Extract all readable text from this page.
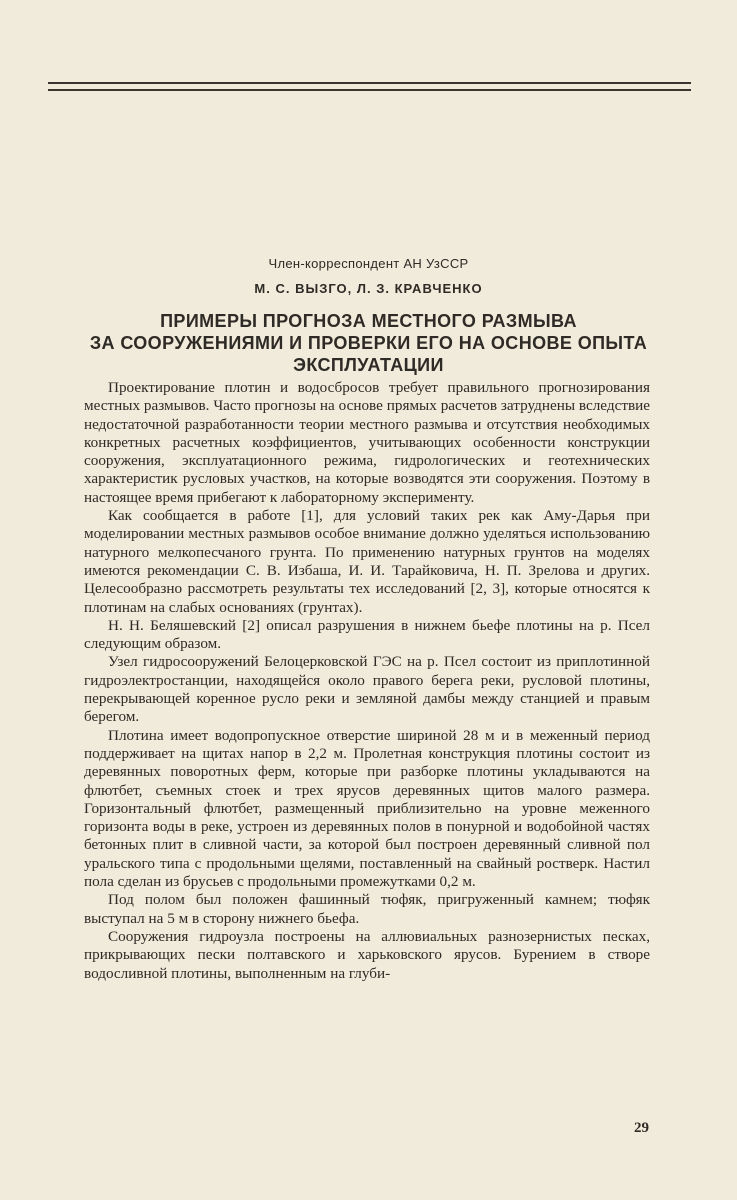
Член-корреспондент АН УзССР
М. С. ВЫЗГО, Л. З. КРАВЧЕНКО
ПРИМЕРЫ ПРОГНОЗА МЕСТНОГО РАЗМЫВА
ЗА СООРУЖЕНИЯМИ И ПРОВЕРКИ ЕГО НА ОСНОВЕ ОПЫТА
ЭКСПЛУАТАЦИИ

Проектирование плотин и водосбросов требует правильного прогнозирования местных размывов. Часто прогнозы на основе прямых расчетов затруднены вследствие недостаточной разработанности теории местного размыва и отсутствия необходимых конкретных расчетных коэффициентов, учитывающих особенности конструкции сооружения, эксплуатационного режима, гидрологических и геотехнических характеристик русловых участков, на которые возводятся эти сооружения. Поэтому в настоящее время прибегают к лабораторному эксперименту.

Как сообщается в работе [1], для условий таких рек как Аму-Дарья при моделировании местных размывов особое внимание должно уделяться использованию натурного мелкопесчаного грунта. По применению натурных грунтов на моделях имеются рекомендации С. В. Избаша, И. И. Тарайковича, Н. П. Зрелова и других. Целесообразно рассмотреть результаты тех исследований [2, 3], которые относятся к плотинам на слабых основаниях (грунтах).

Н. Н. Беляшевский [2] описал разрушения в нижнем бьефе плотины на р. Псел следующим образом.

Узел гидросооружений Белоцерковской ГЭС на р. Псел состоит из приплотинной гидроэлектростанции, находящейся около правого берега реки, русловой плотины, перекрывающей коренное русло реки и земляной дамбы между станцией и правым берегом.

Плотина имеет водопропускное отверстие шириной 28 м и в меженный период поддерживает на щитах напор в 2,2 м. Пролетная конструкция плотины состоит из деревянных поворотных ферм, которые при разборке плотины укладываются на флютбет, съемных стоек и трех ярусов деревянных щитов малого размера. Горизонтальный флютбет, размещенный приблизительно на уровне меженного горизонта воды в реке, устроен из деревянных полов в понурной и водобойной частях бетонных плит в сливной части, за которой был построен деревянный сливной пол уральского типа с продольными щелями, поставленный на свайный ростверк. Настил пола сделан из брусьев с продольными промежутками 0,2 м.

Под полом был положен фашинный тюфяк, пригруженный камнем; тюфяк выступал на 5 м в сторону нижнего бьефа.

Сооружения гидроузла построены на аллювиальных разнозернистых песках, прикрывающих пески полтавского и харьковского ярусов. Бурением в створе водосливной плотины, выполненным на глуби-

29
